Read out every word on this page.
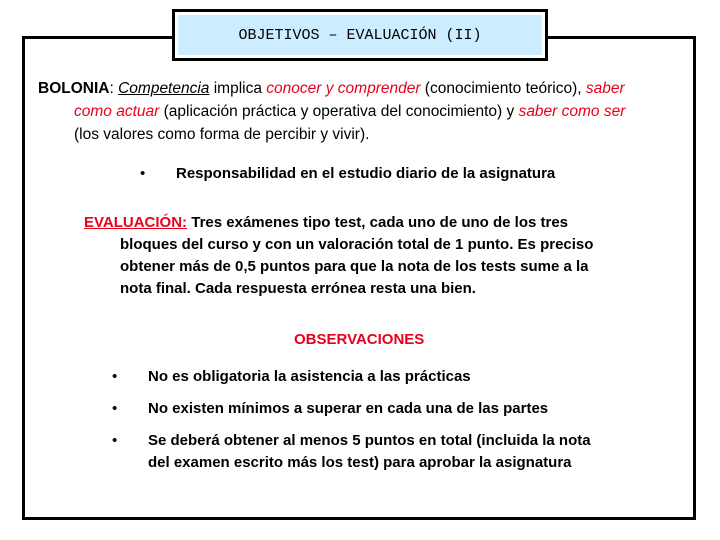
OBJETIVOS – EVALUACIÓN (II)
BOLONIA: Competencia implica conocer y comprender (conocimiento teórico), saber
como actuar (aplicación práctica y operativa del conocimiento) y saber como ser
(los valores como forma de percibir y vivir).
•	Responsabilidad en el estudio diario de la asignatura
EVALUACIÓN: Tres exámenes tipo test, cada uno de uno de los tres
bloques del curso y con un valoración total de 1 punto. Es preciso
obtener más de 0,5 puntos para que la nota de los tests sume a la
nota final. Cada respuesta errónea resta una bien.
OBSERVACIONES
•	No es obligatoria la asistencia a las prácticas
•	No existen mínimos a superar en cada una de las partes
•	Se deberá obtener al menos 5 puntos en total (incluida la nota
del examen escrito más los test) para aprobar la asignatura
